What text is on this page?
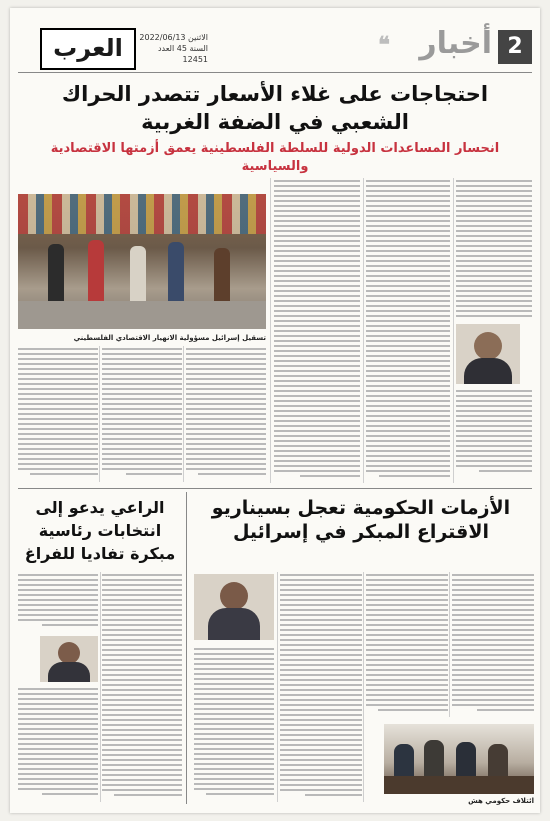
2
أخبار
❝
العرب	الاثنين 2022/06/13
السنة 45 العدد 12451
احتجاجات على غلاء الأسعار تتصدر الحراك الشعبي في الضفة الغربية
انحسار المساعدات الدولية للسلطة الفلسطينية يعمق أزمتها الاقتصادية والسياسية
تسقيل إسرائيل مسؤولية الانهيار الاقتصادي الفلسطيني
الأزمات الحكومية تعجل بسيناريو الاقتراع المبكر في إسرائيل
ائتلاف حكومي هش
الراعي يدعو إلى انتخابات رئاسية مبكرة تفاديا للفراغ
